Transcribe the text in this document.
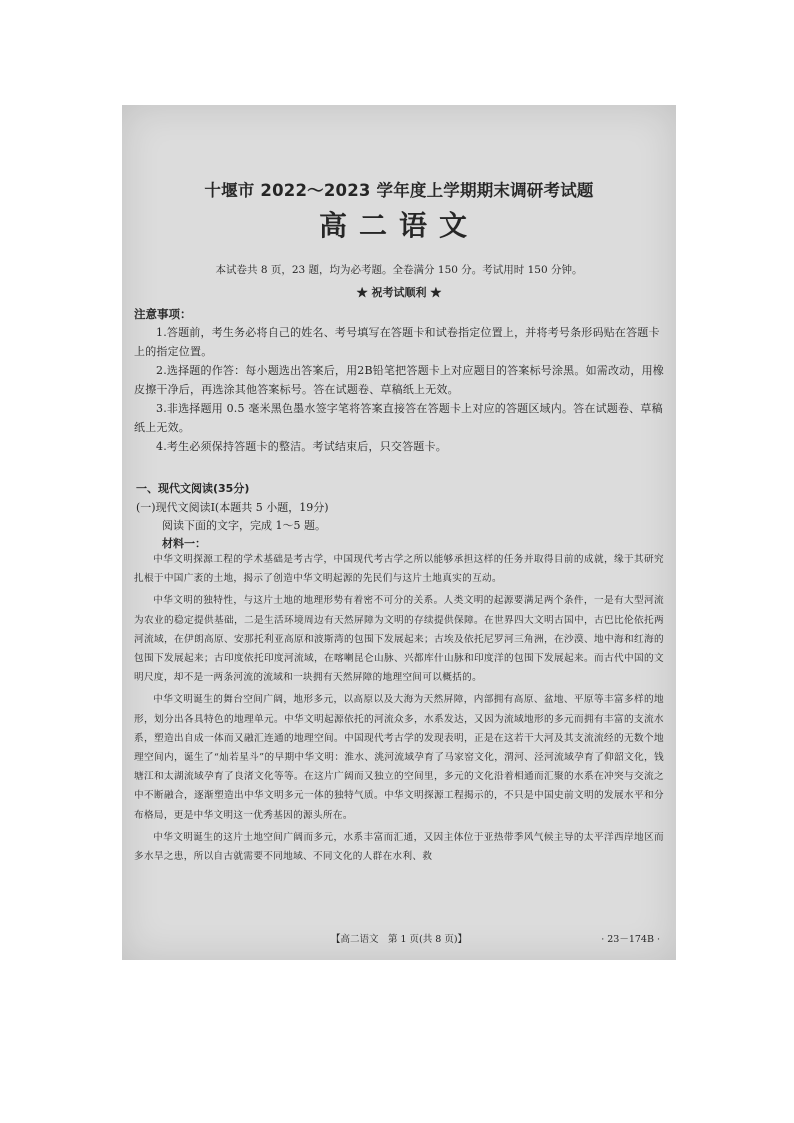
十堰市 2022～2023 学年度上学期期末调研考试题
高二语文
本试卷共 8 页，23 题，均为必考题。全卷满分 150 分。考试用时 150 分钟。
★ 祝考试顺利 ★
注意事项：

1.答题前，考生务必将自己的姓名、考号填写在答题卡和试卷指定位置上，并将考号条形码贴在答题卡上的指定位置。

2.选择题的作答：每小题选出答案后，用2B铅笔把答题卡上对应题目的答案标号涂黑。如需改动，用橡皮擦干净后，再选涂其他答案标号。答在试题卷、草稿纸上无效。

3.非选择题用 0.5 毫米黑色墨水签字笔将答案直接答在答题卡上对应的答题区域内。答在试题卷、草稿纸上无效。

4.考生必须保持答题卡的整洁。考试结束后，只交答题卡。

一、现代文阅读(35分)
(一)现代文阅读Ⅰ(本题共 5 小题，19分)
阅读下面的文字，完成 1～5 题。
材料一：

中华文明探源工程的学术基础是考古学，中国现代考古学之所以能够承担这样的任务并取得目前的成就，缘于其研究扎根于中国广袤的土地，揭示了创造中华文明起源的先民们与这片土地真实的互动。

中华文明的独特性，与这片土地的地理形势有着密不可分的关系。人类文明的起源要满足两个条件，一是有大型河流为农业的稳定提供基础，二是生活环境周边有天然屏障为文明的存续提供保障。在世界四大文明古国中，古巴比伦依托两河流域，在伊朗高原、安那托利亚高原和波斯湾的包围下发展起来；古埃及依托尼罗河三角洲，在沙漠、地中海和红海的包围下发展起来；古印度依托印度河流域，在喀喇昆仑山脉、兴都库什山脉和印度洋的包围下发展起来。而古代中国的文明尺度，却不是一两条河流的流域和一块拥有天然屏障的地理空间可以概括的。

中华文明诞生的舞台空间广阔，地形多元，以高原以及大海为天然屏障，内部拥有高原、盆地、平原等丰富多样的地形，划分出各具特色的地理单元。中华文明起源依托的河流众多，水系发达，又因为流域地形的多元而拥有丰富的支流水系，塑造出自成一体而又融汇连通的地理空间。中国现代考古学的发现表明，正是在这若干大河及其支流流经的无数个地理空间内，诞生了“灿若星斗”的早期中华文明：淮水、洮河流域孕育了马家窑文化，渭河、泾河流域孕育了仰韶文化，钱塘江和太湖流域孕育了良渚文化等等。在这片广阔而又独立的空间里，多元的文化沿着相通而汇聚的水系在冲突与交流之中不断融合，逐渐塑造出中华文明多元一体的独特气质。中华文明探源工程揭示的，不只是中国史前文明的发展水平和分布格局，更是中华文明这一优秀基因的源头所在。

中华文明诞生的这片土地空间广阔而多元，水系丰富而汇通，又因主体位于亚热带季风气候主导的太平洋西岸地区而多水旱之患，所以自古就需要不同地域、不同文化的人群在水利、救

【高二语文　第 1 页(共 8 页)】	· 23－174B ·
